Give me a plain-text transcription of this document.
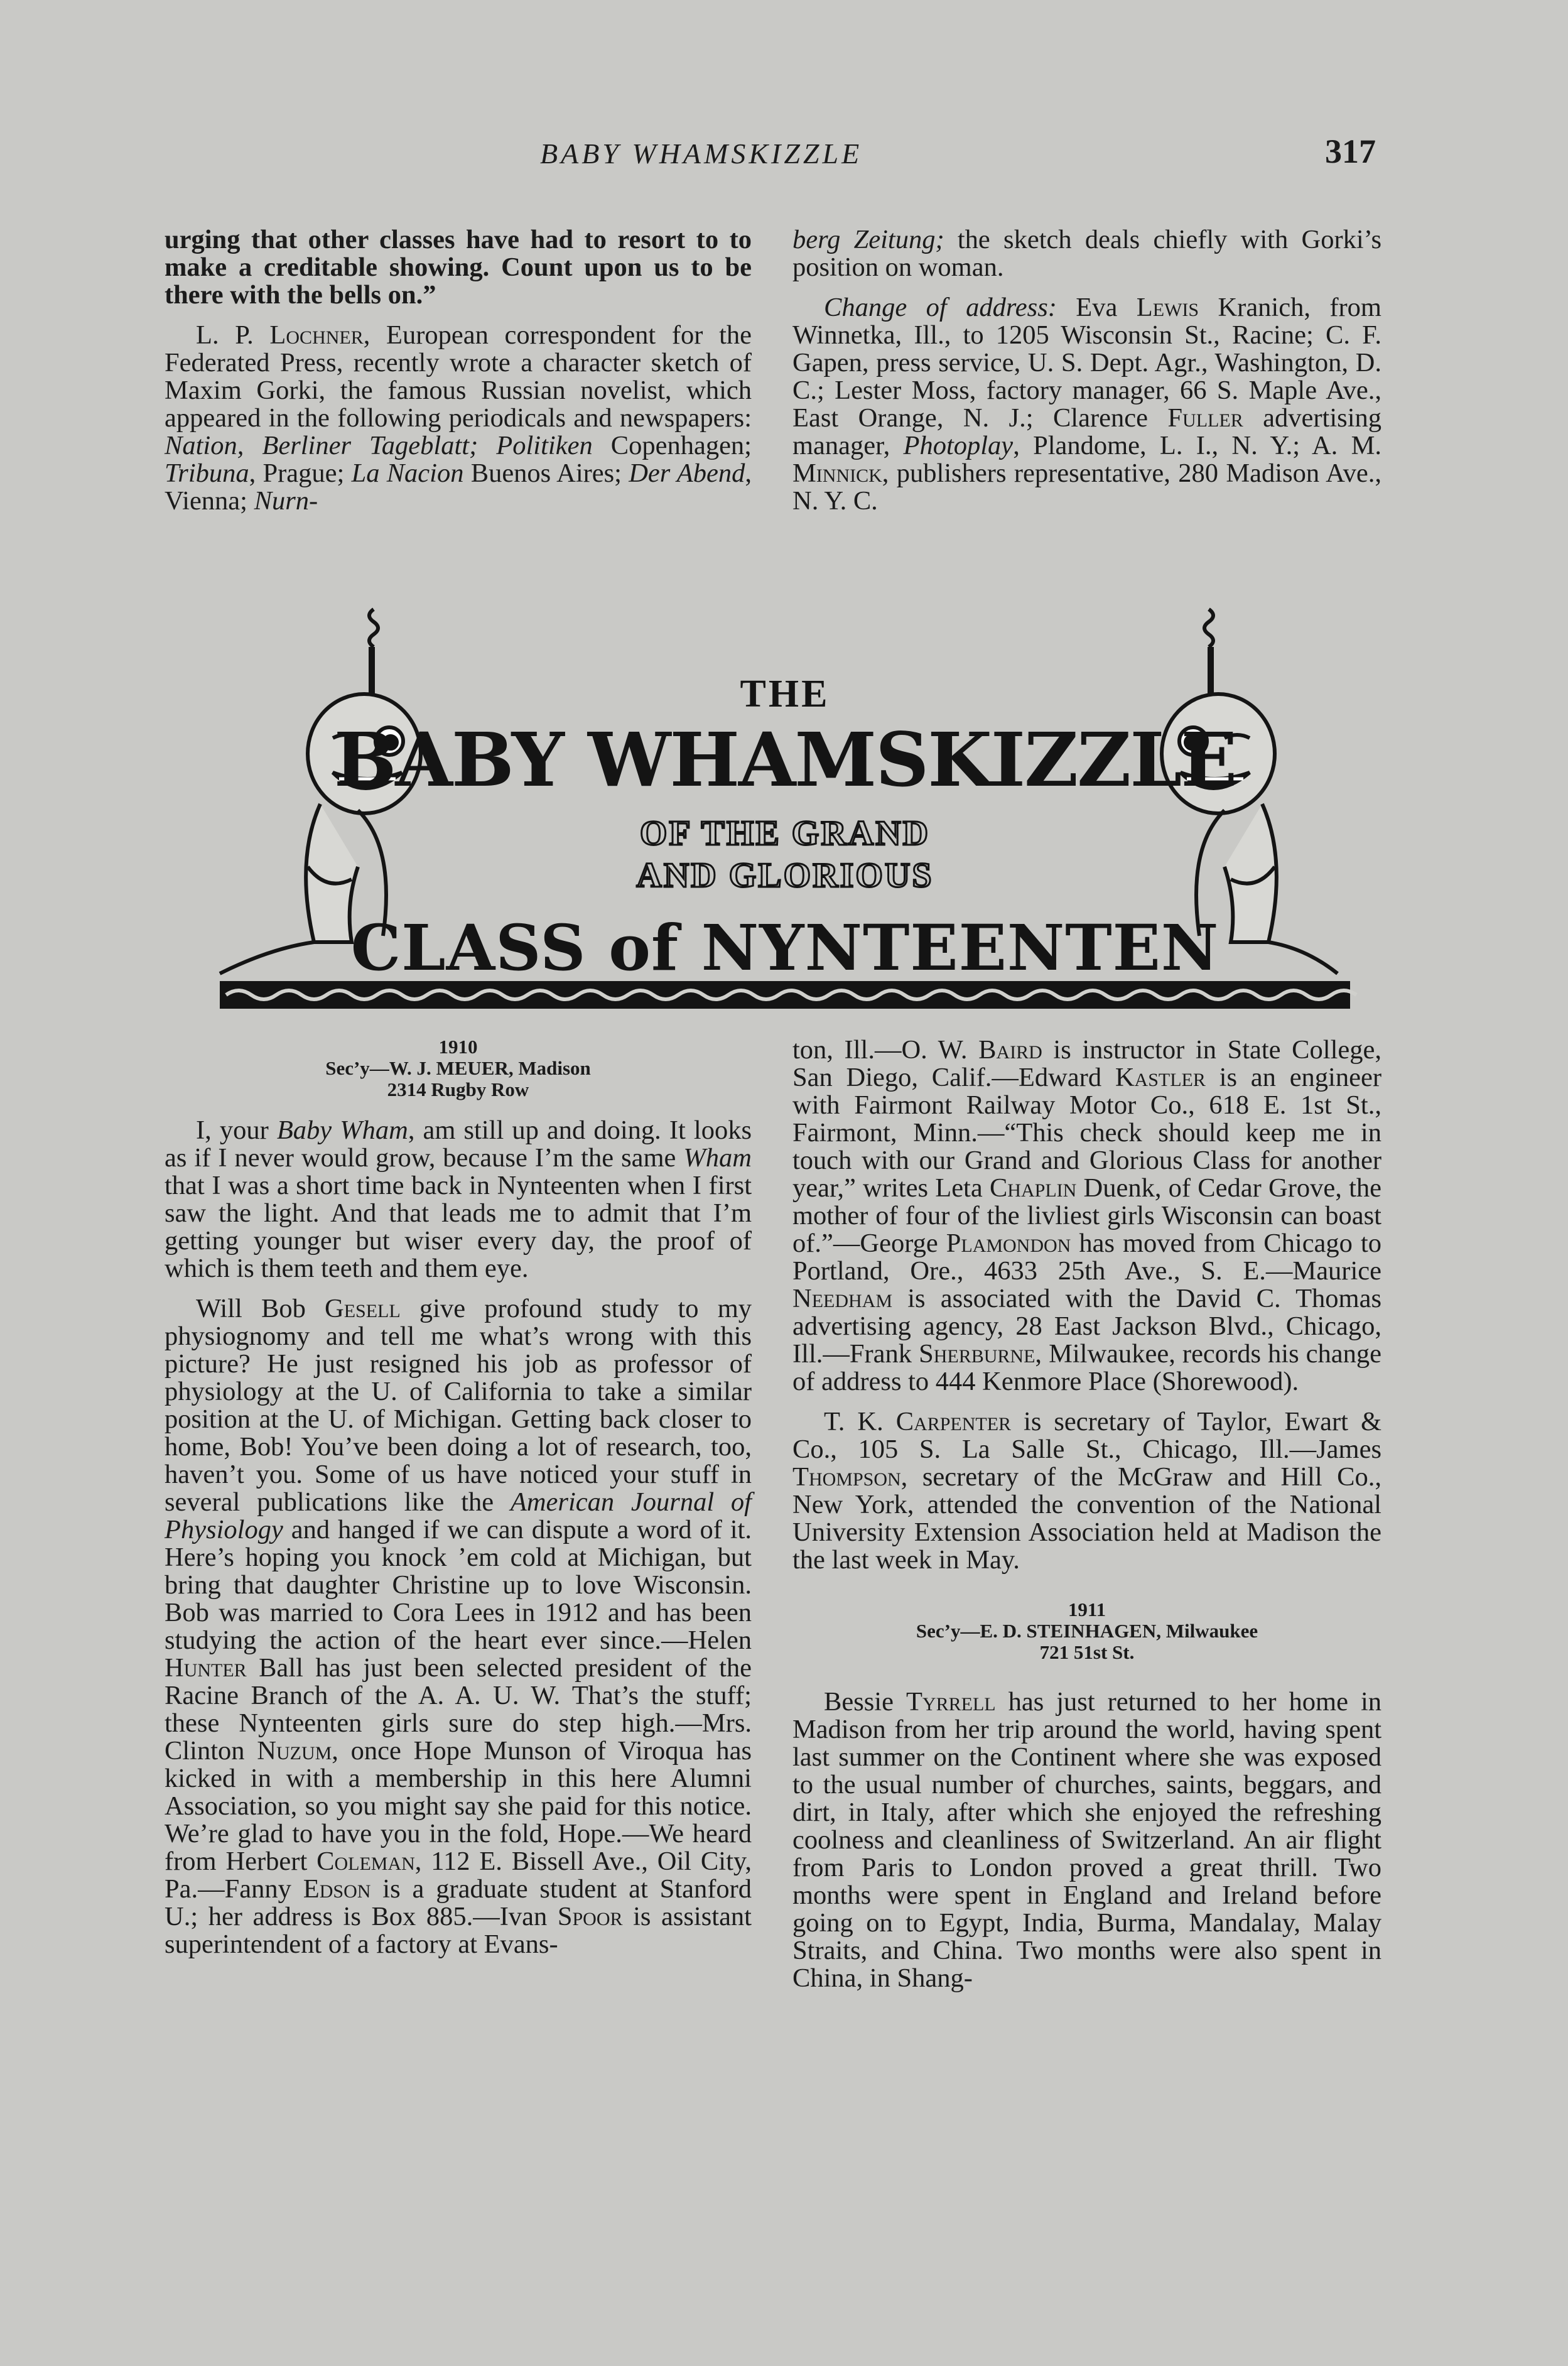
BABY WHAMSKIZZLE	317

urging that other classes have had to resort to to make a creditable showing. Count upon us to be there with the bells on.”

L. P. Lochner, European correspondent for the Federated Press, recently wrote a character sketch of Maxim Gorki, the famous Russian novelist, which appeared in the following periodicals and newspapers: Nation, Berliner Tageblatt; Politiken Copenhagen; Tribuna, Prague; La Nacion Buenos Aires; Der Abend, Vienna; Nurn-

berg Zeitung; the sketch deals chiefly with Gorki’s position on woman.

Change of address: Eva Lewis Kranich, from Winnetka, Ill., to 1205 Wisconsin St., Racine; C. F. Gapen, press service, U. S. Dept. Agr., Washington, D. C.; Lester Moss, factory manager, 66 S. Maple Ave., East Orange, N. J.; Clarence Fuller advertising manager, Photoplay, Plandome, L. I., N. Y.; A. M. Minnick, publishers representative, 280 Madison Ave., N. Y. C.

THE
BABY WHAMSKIZZLE
OF THE GRAND
AND GLORIOUS
CLASS of NYNTEENTEN
1910
Sec’y—W. J. MEUER, Madison
2314 Rugby Row

I, your Baby Wham, am still up and doing. It looks as if I never would grow, because I’m the same Wham that I was a short time back in Nynteenten when I first saw the light. And that leads me to admit that I’m getting younger but wiser every day, the proof of which is them teeth and them eye.

Will Bob Gesell give profound study to my physiognomy and tell me what’s wrong with this picture? He just resigned his job as professor of physiology at the U. of California to take a similar position at the U. of Michigan. Getting back closer to home, Bob! You’ve been doing a lot of research, too, haven’t you. Some of us have noticed your stuff in several publications like the American Journal of Physiology and hanged if we can dispute a word of it. Here’s hoping you knock ’em cold at Michigan, but bring that daughter Christine up to love Wisconsin. Bob was married to Cora Lees in 1912 and has been studying the action of the heart ever since.—Helen Hunter Ball has just been selected president of the Racine Branch of the A. A. U. W. That’s the stuff; these Nynteenten girls sure do step high.—Mrs. Clinton Nuzum, once Hope Munson of Viroqua has kicked in with a membership in this here Alumni Association, so you might say she paid for this notice. We’re glad to have you in the fold, Hope.—We heard from Herbert Coleman, 112 E. Bissell Ave., Oil City, Pa.—Fanny Edson is a graduate student at Stanford U.; her address is Box 885.—Ivan Spoor is assistant superintendent of a factory at Evans-

ton, Ill.—O. W. Baird is instructor in State College, San Diego, Calif.—Edward Kastler is an engineer with Fairmont Railway Motor Co., 618 E. 1st St., Fairmont, Minn.—“This check should keep me in touch with our Grand and Glorious Class for another year,” writes Leta Chaplin Duenk, of Cedar Grove, the mother of four of the livliest girls Wisconsin can boast of.”—George Plamondon has moved from Chicago to Portland, Ore., 4633 25th Ave., S. E.—Maurice Needham is associated with the David C. Thomas advertising agency, 28 East Jackson Blvd., Chicago, Ill.—Frank Sherburne, Milwaukee, records his change of address to 444 Kenmore Place (Shorewood).

T. K. Carpenter is secretary of Taylor, Ewart & Co., 105 S. La Salle St., Chicago, Ill.—James Thompson, secretary of the McGraw and Hill Co., New York, attended the convention of the National University Extension Association held at Madison the the last week in May.

1911
Sec’y—E. D. STEINHAGEN, Milwaukee
721 51st St.

Bessie Tyrrell has just returned to her home in Madison from her trip around the world, having spent last summer on the Continent where she was exposed to the usual number of churches, saints, beggars, and dirt, in Italy, after which she enjoyed the refreshing coolness and cleanliness of Switzerland. An air flight from Paris to London proved a great thrill. Two months were spent in England and Ireland before going on to Egypt, India, Burma, Mandalay, Malay Straits, and China. Two months were also spent in China, in Shang-
